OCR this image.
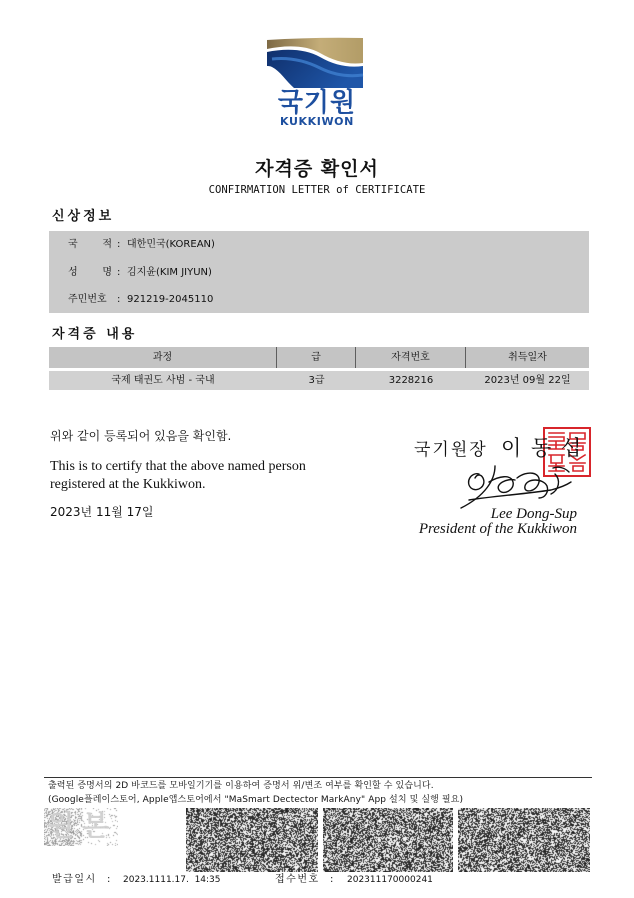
국기원
KUKKIWON
자격증 확인서
CONFIRMATION LETTER of CERTIFICATE
신상정보
국 적 : 대한민국(KOREAN)
성 명 : 김지윤(KIM JIYUN)
주민번호	: 921219-2045110
자격증 내용
과정	급	자격번호	취득일자
국제 태권도 사범 - 국내	3급	3228216	2023년 09월 22일
위와 같이 등록되어 있음을 확인함.
This is to certify that the above named person
registered at the Kukkiwon.
2023년 11월 17일
국기원장 이 동 섭
Lee Dong-Sup
President of the Kukkiwon
출력된 증명서의 2D 바코드를 모바일기기를 이용하여 증명서 위/변조 여부를 확인할 수 있습니다.
(Google플레이스토어, Apple앱스토어에서 "MaSmart Dectector MarkAny" App 설치 및 실행 필요)
원본
발급일시 : 2023.1111.17.  14:35	접수번호 : 202311170000241
